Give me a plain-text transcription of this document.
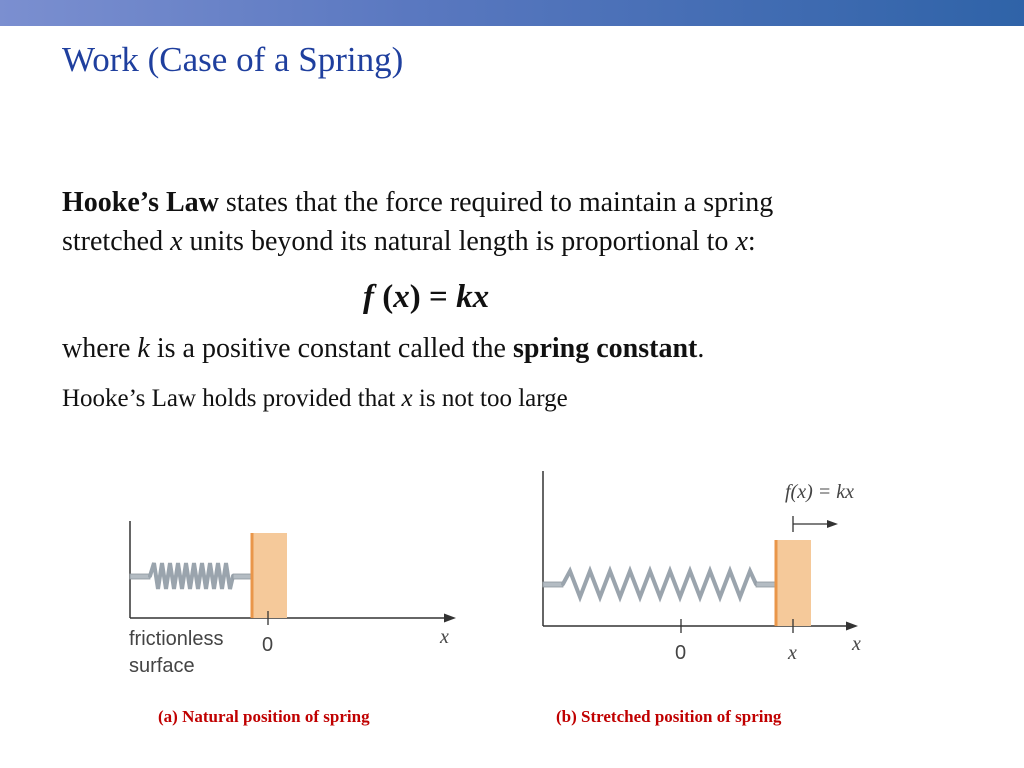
Work (Case of a Spring)

Hooke’s Law states that the force required to maintain a spring

stretched x units beyond its natural length is proportional to x:

f (x) = kx

where k is a positive constant called the spring constant.

Hooke’s Law holds provided that x is not too large

frictionless
surface
0	x
f(x) = kx
0	x	x
(a) Natural position of spring	(b) Stretched position of spring
